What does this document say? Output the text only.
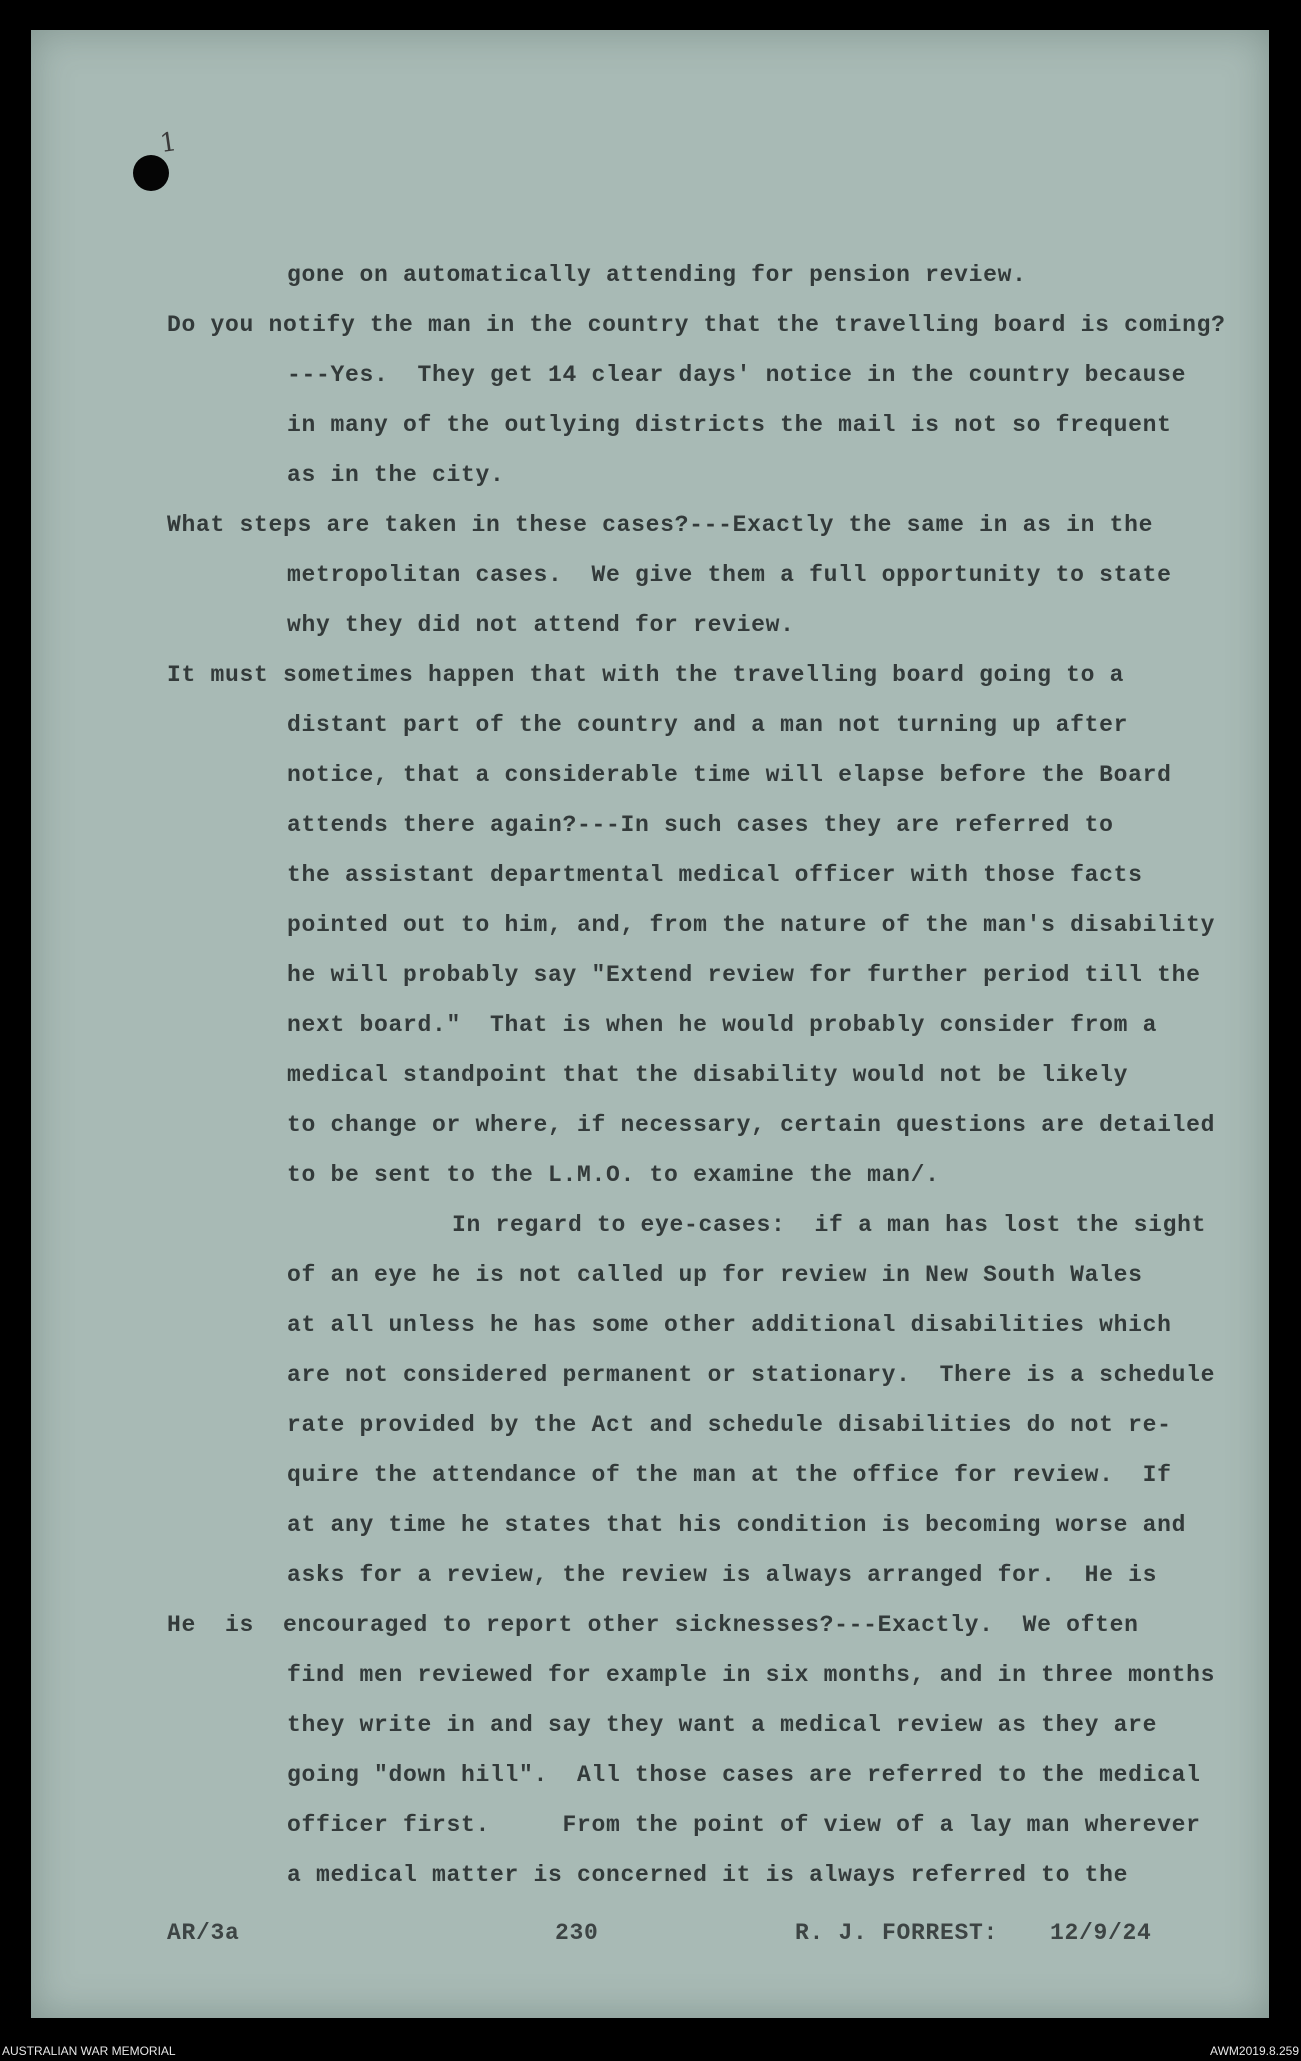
1

gone on automatically attending for pension review.

Do you notify the man in the country that the travelling board is coming?

---Yes.  They get 14 clear days' notice in the country because

in many of the outlying districts the mail is not so frequent

as in the city.

What steps are taken in these cases?---Exactly the same in as in the

metropolitan cases.  We give them a full opportunity to state

why they did not attend for review.

It must sometimes happen that with the travelling board going to a

distant part of the country and a man not turning up after

notice, that a considerable time will elapse before the Board

attends there again?---In such cases they are referred to

the assistant departmental medical officer with those facts

pointed out to him, and, from the nature of the man's disability

he will probably say "Extend review for further period till the

next board."  That is when he would probably consider from a

medical standpoint that the disability would not be likely

to change or where, if necessary, certain questions are detailed

to be sent to the L.M.O. to examine the man/.

In regard to eye-cases:  if a man has lost the sight

of an eye he is not called up for review in New South Wales

at all unless he has some other additional disabilities which

are not considered permanent or stationary.  There is a schedule

rate provided by the Act and schedule disabilities do not re-

quire the attendance of the man at the office for review.  If

at any time he states that his condition is becoming worse and

asks for a review, the review is always arranged for.  He is

He  is  encouraged to report other sicknesses?---Exactly.  We often

find men reviewed for example in six months, and in three months

they write in and say they want a medical review as they are

going "down hill".  All those cases are referred to the medical

officer first.     From the point of view of a lay man wherever

a medical matter is concerned it is always referred to the

AR/3a	230	R. J. FORREST: 12/9/24
AUSTRALIAN WAR MEMORIAL	AWM2019.8.259
